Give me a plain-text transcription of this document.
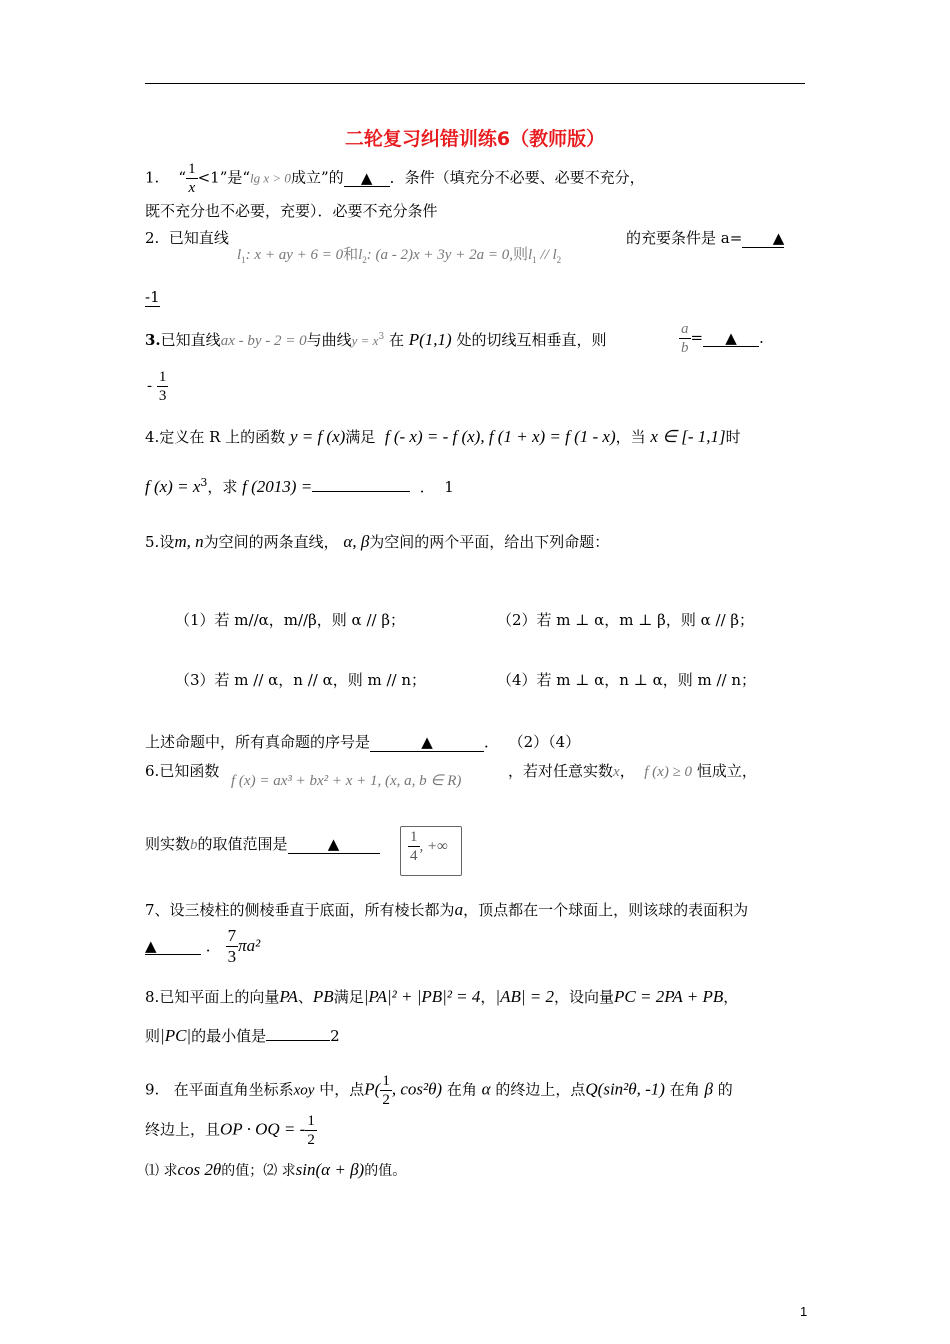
二轮复习纠错训练6（教师版）
1. “ $\frac{1}{x} <1$”是“lg x > 0成立”的 ▲ ．条件（填充分不必要、必要不充分，
既不充分也不必要，充要）．必要不充分条件
2. 已知直线
$l_1$: x + ay + 6 = 0和$l_2$: (a - 2)x + 3y + 2a = 0,则$l_1 // l_2$
的充要条件是 a= ▲
-1
3.已知直线ax - by - 2 = 0与曲线$y = x^3$ 在 P(1,1) 处的切线互相垂直，则	$\frac{a}{b}$ = ▲ ．
- $\frac{1}{3}$
4.定义在 R 上的函数 y = f (x)满足 f (- x) = - f (x), f (1 + x) = f (1 - x)，当 x ∈ [- 1,1]时
f $(x) = x^3$，求 f (2013) =	． 1
5.设m, n为空间的两条直线， α, β为空间的两个平面，给出下列命题：
（1）若 m//α，m//β，则 α // β；	（2）若 m ⊥ α，m ⊥ β，则 α // β；
（3）若 m // α，n // α，则 m // n；	（4）若 m ⊥ α，n ⊥ α，则 m // n；
上述命题中，所有真命题的序号是	▲	． （2）（4）
6.已知函数
f (x) = ax³ + bx² + x + 1, (x, a, b ∈ R)
，若对任意实数x， f (x) ≥ 0 恒成立，
则实数b的取值范围是	▲	$\frac{1}{4}$ , +∞
7、设三棱柱的侧棱垂直于底面，所有棱长都为a，顶点都在一个球面上，则该球的表面积为
▲	． $\frac{7}{3} \pi a^2$
8.已知平面上的向量PA、PB满足|PA|² + |PB|² = 4，|AB| = 2，设向量PC = 2PA + PB，
则|PC|的最小值是	2
9. 在平面直角坐标系xoy 中，点$P( \frac{1}{2}$ , cos²θ) 在角 α 的终边上，点Q(sin²θ, -1) 在角 β 的
终边上，且OP · OQ = - $\frac{1}{2}$
⑴ 求cos 2θ的值；⑵ 求sin(α + β)的值。
1
